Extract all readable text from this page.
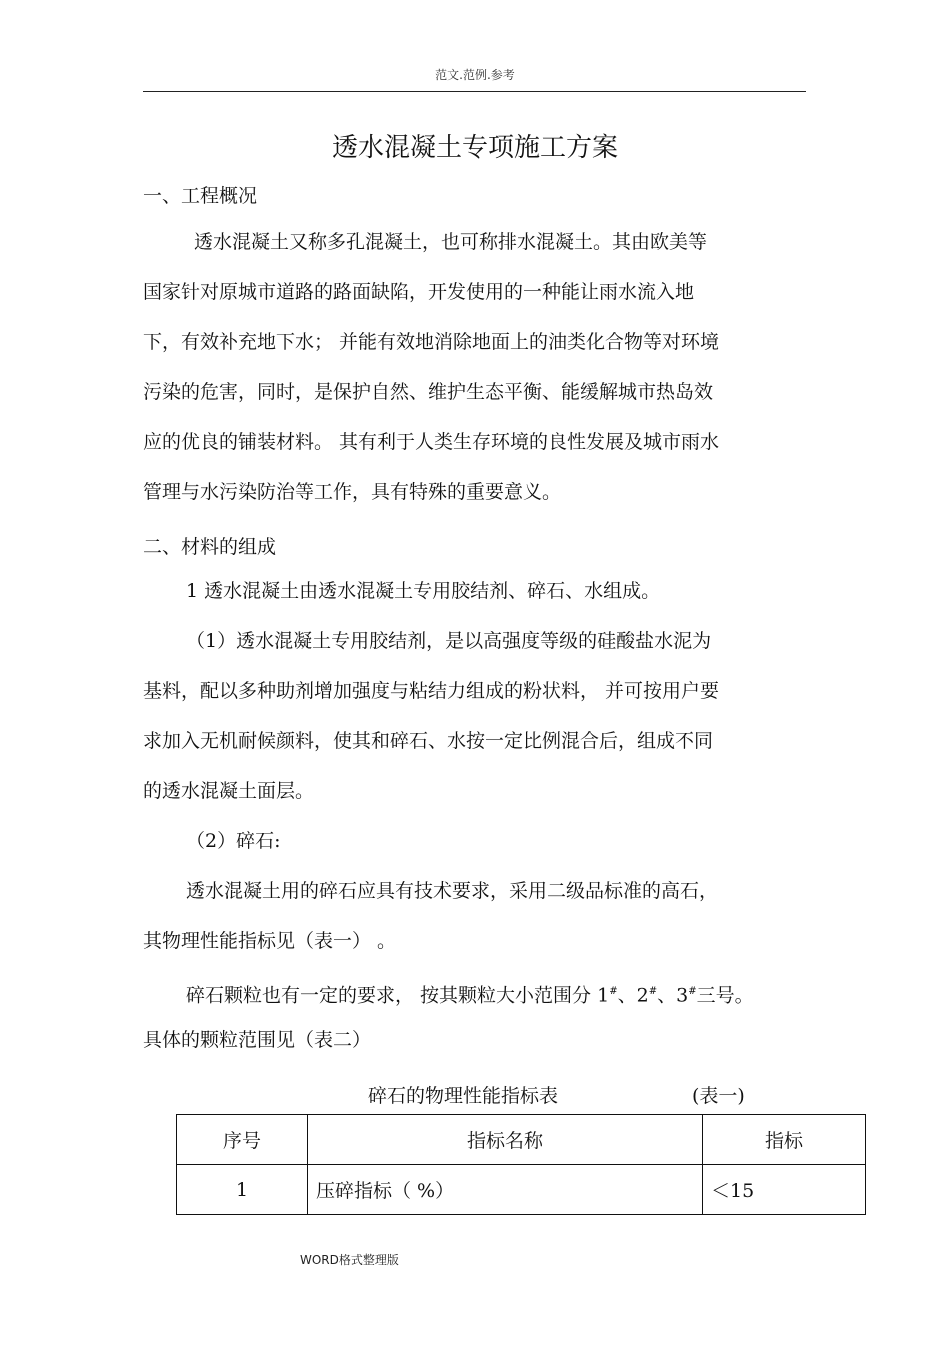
范文.范例.参考
透水混凝土专项施工方案
一、工程概况
透水混凝土又称多孔混凝土，也可称排水混凝土。其由欧美等
国家针对原城市道路的路面缺陷，开发使用的一种能让雨水流入地
下，有效补充地下水； 并能有效地消除地面上的油类化合物等对环境
污染的危害，同时，是保护自然、维护生态平衡、能缓解城市热岛效
应的优良的铺装材料。 其有利于人类生存环境的良性发展及城市雨水
管理与水污染防治等工作，具有特殊的重要意义。
二、材料的组成
1 透水混凝土由透水混凝土专用胶结剂、碎石、水组成。
（1）透水混凝土专用胶结剂，是以高强度等级的硅酸盐水泥为
基料，配以多种助剂增加强度与粘结力组成的粉状料， 并可按用户要
求加入无机耐候颜料，使其和碎石、水按一定比例混合后，组成不同
的透水混凝土面层。
（2）碎石:
透水混凝土用的碎石应具有技术要求，采用二级品标准的高石，
其物理性能指标见（表一） 。
碎石颗粒也有一定的要求， 按其颗粒大小范围分 1#、2#、3#三号。
具体的颗粒范围见（表二）
碎石的物理性能指标表	(表一)
序号	指标名称	指标
1	压碎指标（ %）	＜15
WORD格式整理版
